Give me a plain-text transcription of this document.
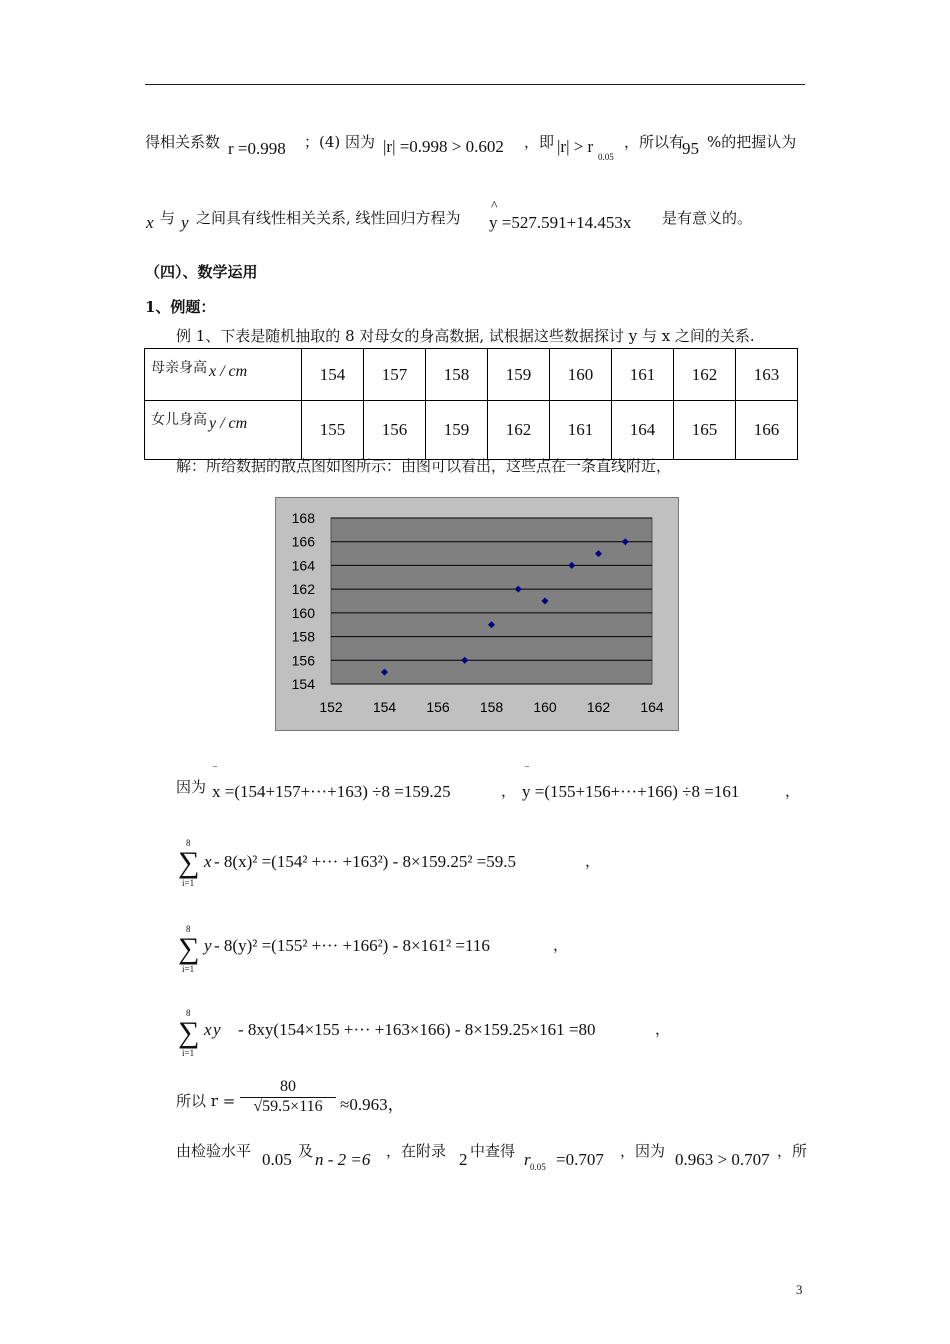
得相关系数 r =0.998 ；(4) 因为 |r| =0.998 > 0.602 ，即 |r| > r
0.05
，所以有
95 %的把握认为
x 与 y 之间具有线性相关关系, 线性回归方程为
^
y =527.591+14.453x 是有意义的。
（四）、数学运用
1、例题：
例 1、下表是随机抽取的 8 对母女的身高数据, 试根据这些数据探讨 y 与 x 之间的关系.
母亲身高 x / cm	154	157	158	159	160	161	162	163
女儿身高 y / cm	155	156	159	162	161	164	165	166
解：所给数据的散点图如图所示：由图可以看出，这些点在一条直线附近，
154
156
158
160
162
164
166
168
152 154 156 158 160 162 164
因为
‾
x =(154+157+···+163) ÷8 =159.25	，
‾
y =(155+156+···+166) ÷8 =161	，
8
∑
i=1
x - 8(x)² =(154² +··· +163²) - 8×159.25² =59.5	，
8
∑
i=1
y - 8(y)² =(155² +··· +166²) - 8×161² =116	，
8
∑
i=1
x y - 8xy(154×155 +··· +163×166) - 8×159.25×161 =80	，
所以 $r = \frac{80}{√59.5\times 116} \approx 0.963$，
由检验水平 0.05 及 n - 2 =6 ，在附录 2 中查得 r 0.05 =0.707 ，因为 0.963 > 0.707 ，所
3
